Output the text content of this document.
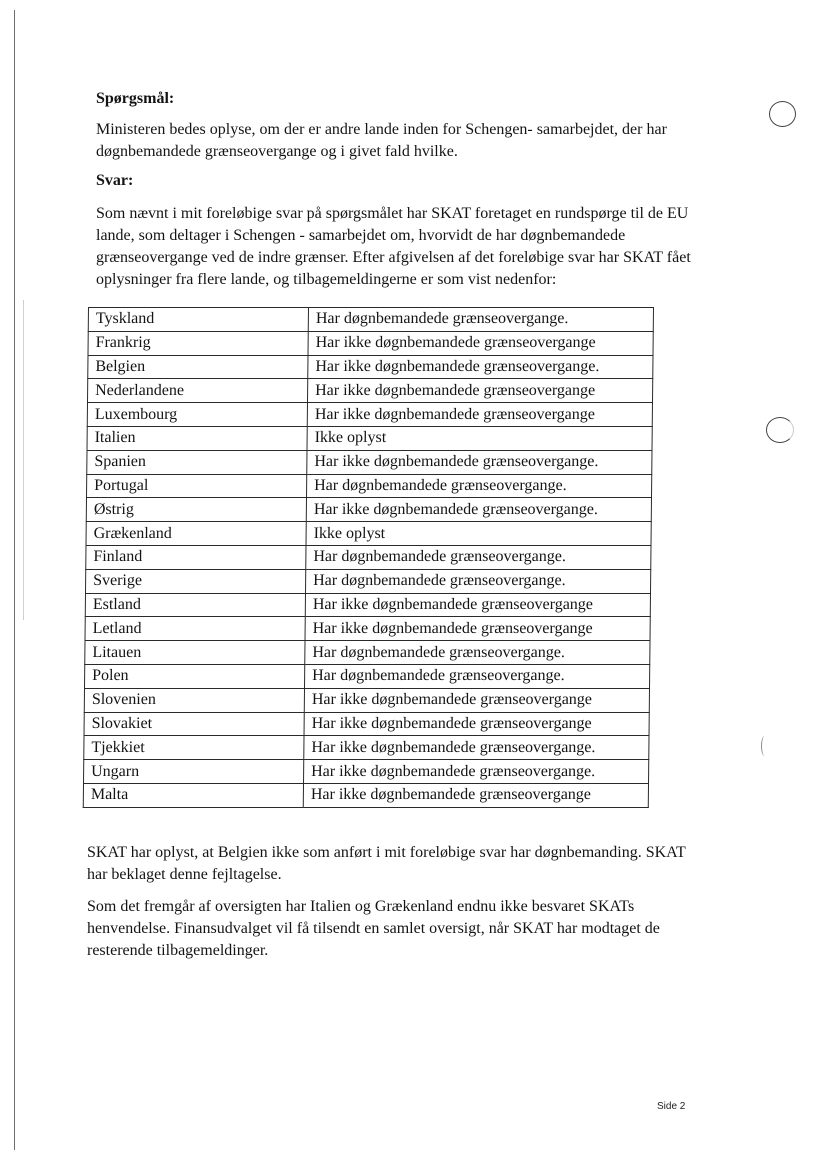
Spørgsmål:

Ministeren bedes oplyse, om der er andre lande inden for Schengen- samarbejdet, der har døgnbemandede grænseovergange og i givet fald hvilke.

Svar:

Som nævnt i mit foreløbige svar på spørgsmålet har SKAT foretaget en rundspørge til de EU lande, som deltager i Schengen - samarbejdet om, hvorvidt de har døgnbemandede grænseovergange ved de indre grænser. Efter afgivelsen af det foreløbige svar har SKAT fået oplysninger fra flere lande, og tilbagemeldingerne er som vist nedenfor:

Tyskland	Har døgnbemandede grænseovergange.
Frankrig	Har ikke døgnbemandede grænseovergange
Belgien	Har ikke døgnbemandede grænseovergange.
Nederlandene	Har ikke døgnbemandede grænseovergange
Luxembourg	Har ikke døgnbemandede grænseovergange
Italien	Ikke oplyst
Spanien	Har ikke døgnbemandede grænseovergange.
Portugal	Har døgnbemandede grænseovergange.
Østrig	Har ikke døgnbemandede grænseovergange.
Grækenland	Ikke oplyst
Finland	Har døgnbemandede grænseovergange.
Sverige	Har døgnbemandede grænseovergange.
Estland	Har ikke døgnbemandede grænseovergange
Letland	Har ikke døgnbemandede grænseovergange
Litauen	Har døgnbemandede grænseovergange.
Polen	Har døgnbemandede grænseovergange.
Slovenien	Har ikke døgnbemandede grænseovergange
Slovakiet	Har ikke døgnbemandede grænseovergange
Tjekkiet	Har ikke døgnbemandede grænseovergange.
Ungarn	Har ikke døgnbemandede grænseovergange.
Malta	Har ikke døgnbemandede grænseovergange

SKAT har oplyst, at Belgien ikke som anført i mit foreløbige svar har døgnbemanding. SKAT har beklaget denne fejltagelse.

Som det fremgår af oversigten har Italien og Grækenland endnu ikke besvaret SKATs henvendelse. Finansudvalget vil få tilsendt en samlet oversigt, når SKAT har modtaget de resterende tilbagemeldinger.

Side 2
